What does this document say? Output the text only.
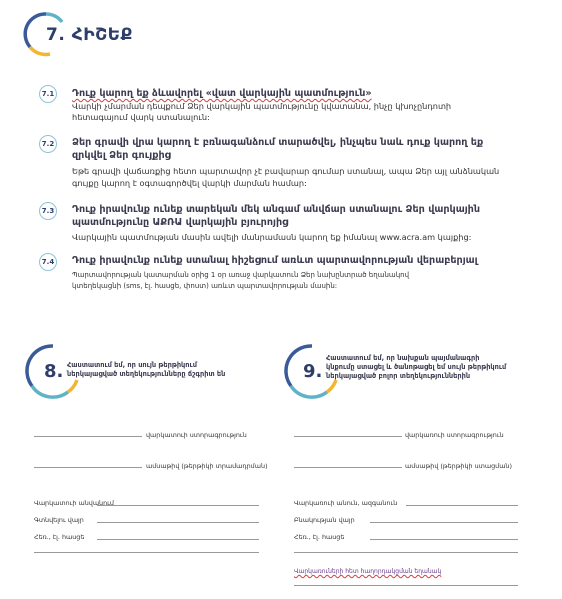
7. ՀԻՇԵՔ
7.1 Դուք կարող եք ձևավորել «վատ վարկային պատմություն»
Վարկի չմարման դեպքում Ձեր վարկային պատմությունը կվատանա, ինչը կխոչընդոտի
հետագայում վարկ ստանալուն:
7.2 Ձեր գրավի վրա կարող է բռնագանձում տարածվել, ինչպես նաև դուք կարող եք
զրկվել Ձեր գույքից
Եթե գրավի վաճառքից հետո պարտավոր չէ բավարար գումար ստանալ, ապա Ձեր այլ անձնական
գույքը կարող է օգտագործվել վարկի մարման համար:
7.3 Դուք իրավունք ունեք տարեկան մեկ անգամ անվճար ստանալու Ձեր վարկային
պատմությունը ԱՔՌԱ վարկային բյուրոյից
Վարկային պատմության մասին ավելի մանրամասն կարող եք իմանալ www.acra.am կայքից:
7.4 Դուք իրավունք ունեք ստանալ հիշեցում առևտ պարտավորության վերաբերյալ
Պարտավորության կատարման օրից 1 օր առաջ վարկատուն Ձեր նախընտրած եղանակով
կտեղեկացնի (sms, էլ. հասցե, փոստ) առևտ պարտավորության մասին:
8. Հաստատում եմ, որ սույն թերթիկում
ներկայացված տեղեկությունները ճշգրիտ են
վարկատուի ստորագրություն
ամսաթիվ (թերթիկի տրամադրման)
Վարկատուի անվանում
Գտնվելու վայր
Հեռ., էլ. հասցե
9.
Հաստատում եմ, որ նախքան պայմանագրի
կնքումը ստացել և ծանոթացել եմ սույն թերթիկում
ներկայացված բոլոր տեղեկություններին
վարկառուի ստորագրություն
ամսաթիվ (թերթիկի ստացման)
Վարկառուի անուն, ազգանուն
Բնակության վայր
Հեռ., էլ. հասցե
Վարկառուների հետ հաղորդակցման եղանակ
